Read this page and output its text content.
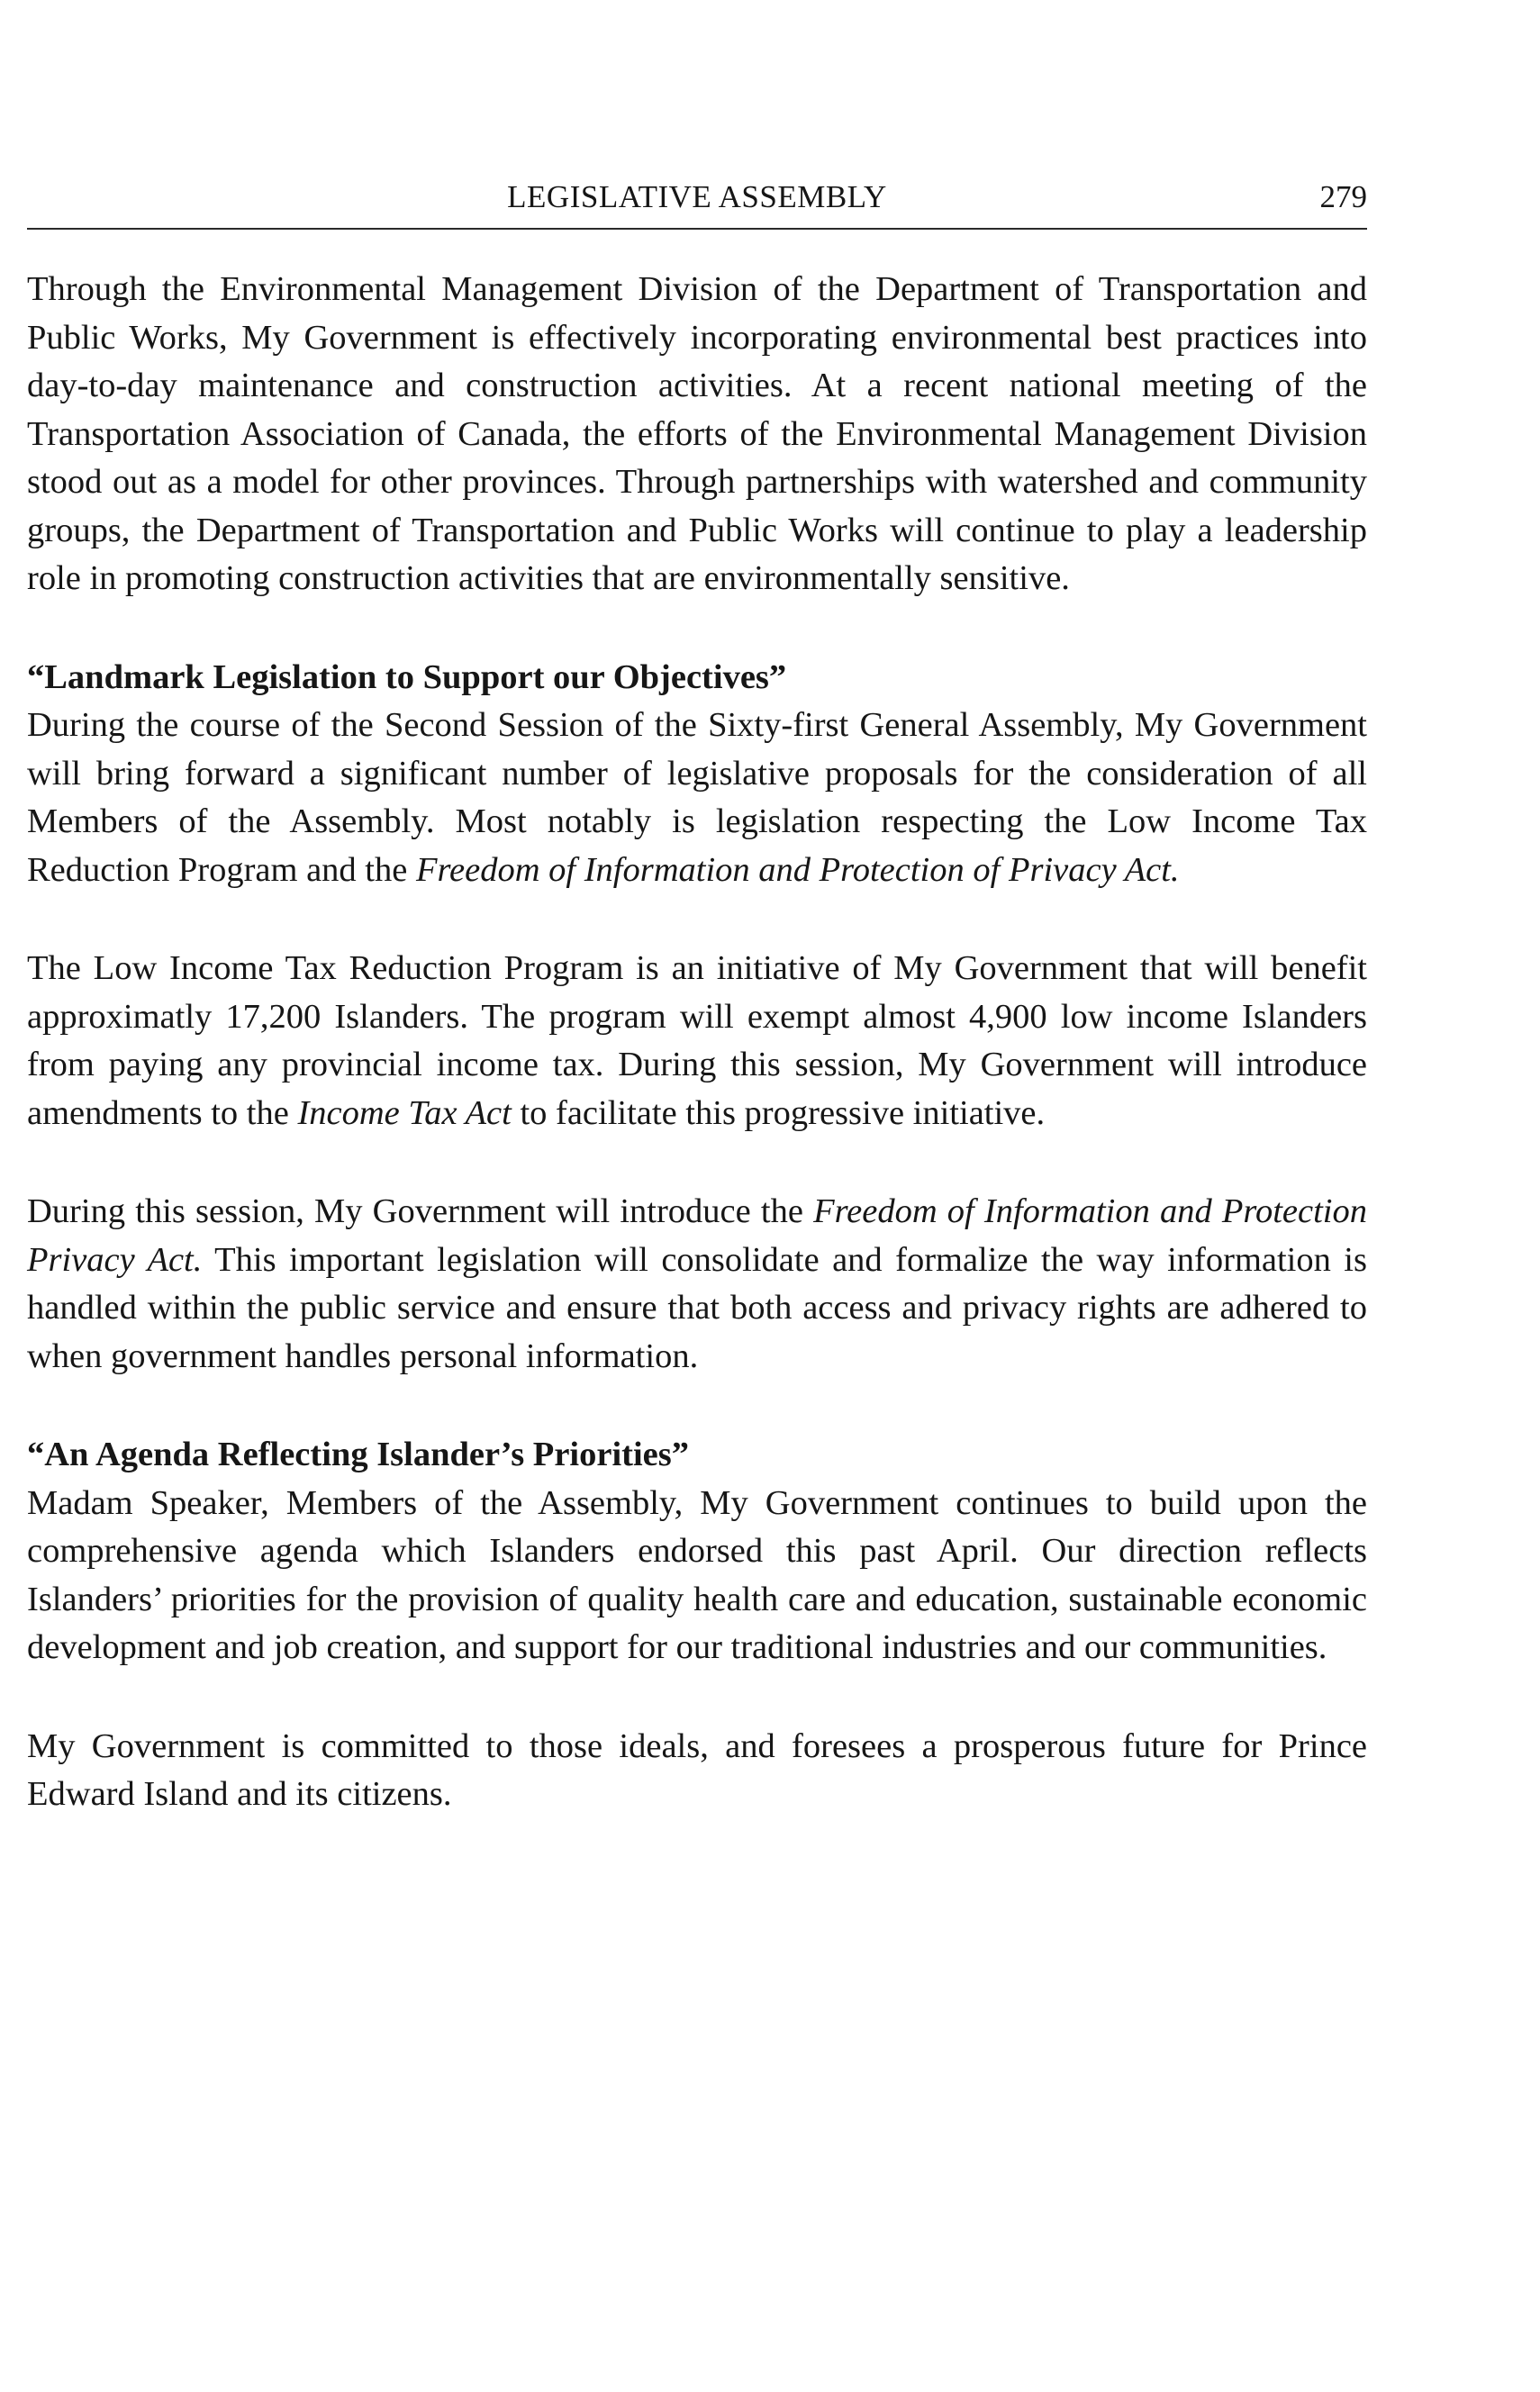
LEGISLATIVE ASSEMBLY	279

Through the Environmental Management Division of the Department of Transportation and Public Works, My Government is effectively incorporating environmental best practices into day-to-day maintenance and construction activities. At a recent national meeting of the Transportation Association of Canada, the efforts of the Environmental Management Division stood out as a model for other provinces. Through partnerships with watershed and community groups, the Department of Transportation and Public Works will continue to play a leadership role in promoting construction activities that are environmentally sensitive.

“Landmark Legislation to Support our Objectives”

During the course of the Second Session of the Sixty-first General Assembly, My Government will bring forward a significant number of legislative proposals for the consideration of all Members of the Assembly. Most notably is legislation respecting the Low Income Tax Reduction Program and the Freedom of Information and Protection of Privacy Act.

The Low Income Tax Reduction Program is an initiative of My Government that will benefit approximatly 17,200 Islanders. The program will exempt almost 4,900 low income Islanders from paying any provincial income tax. During this session, My Government will introduce amendments to the Income Tax Act to facilitate this progressive initiative.

During this session, My Government will introduce the Freedom of Information and Protection Privacy Act. This important legislation will consolidate and formalize the way information is handled within the public service and ensure that both access and privacy rights are adhered to when government handles personal information.

“An Agenda Reflecting Islander’s Priorities”

Madam Speaker, Members of the Assembly, My Government continues to build upon the comprehensive agenda which Islanders endorsed this past April. Our direction reflects Islanders’ priorities for the provision of quality health care and education, sustainable economic development and job creation, and support for our traditional industries and our communities.

My Government is committed to those ideals, and foresees a prosperous future for Prince Edward Island and its citizens.
